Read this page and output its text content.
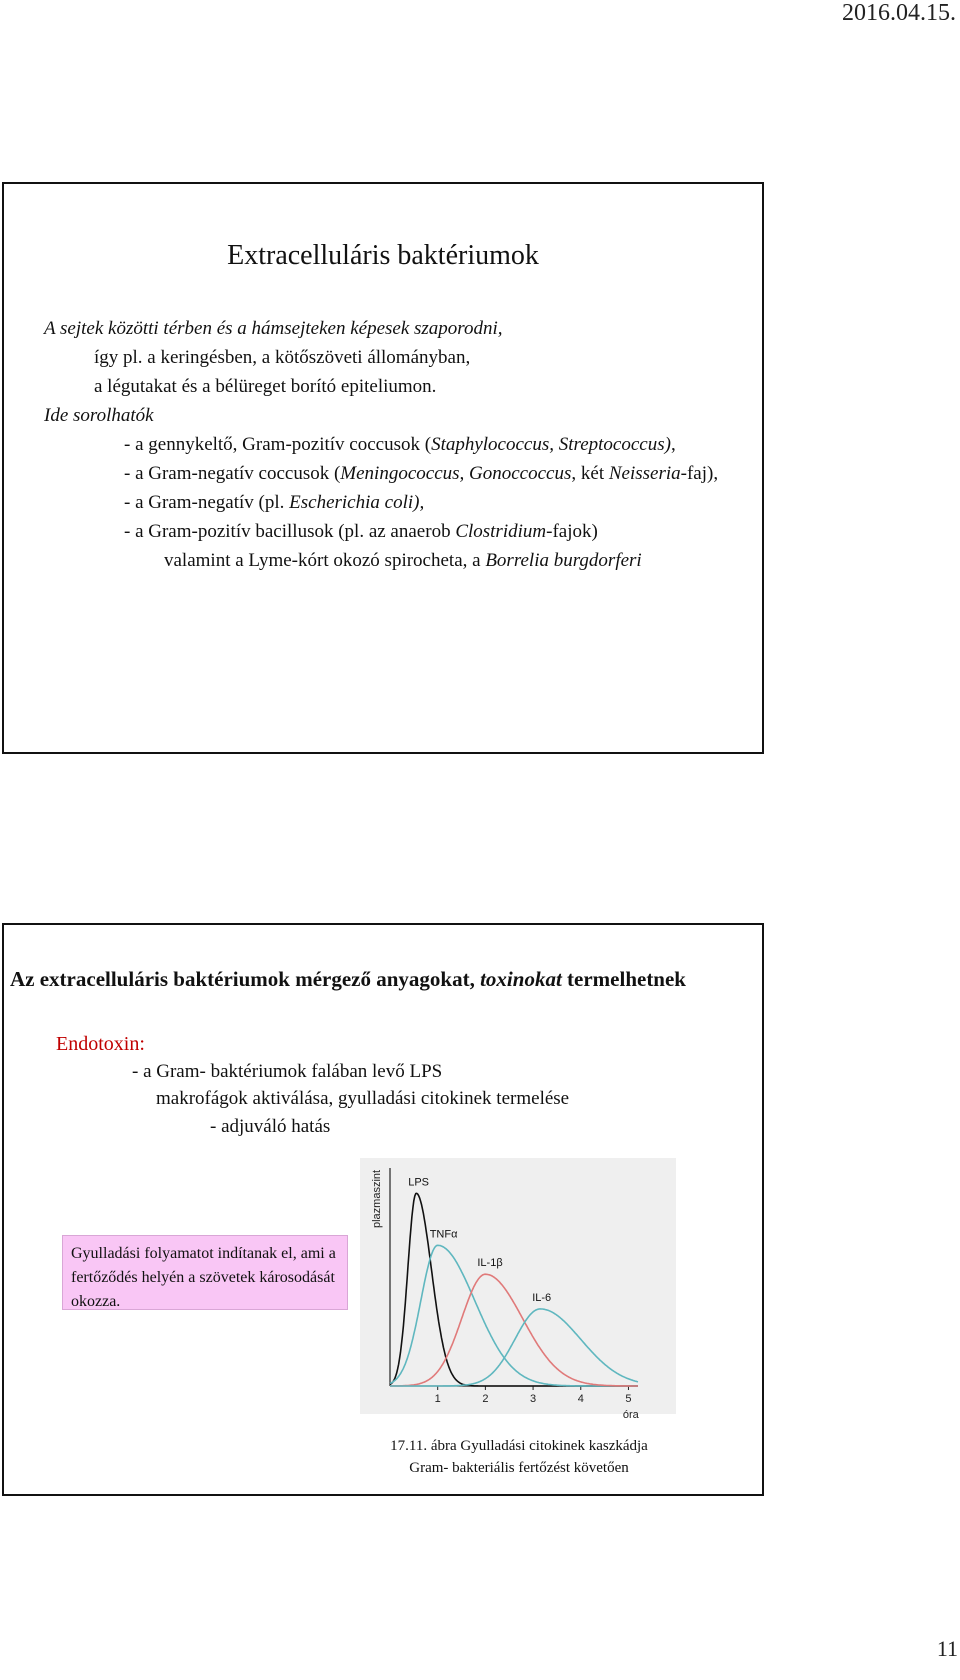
2016.04.15.
Extracelluláris baktériumok
A sejtek közötti térben és a hámsejteken képesek szaporodni,
így pl. a keringésben, a kötőszöveti állományban,
a légutakat és a bélüreget borító epiteliumon.
Ide sorolhatók
- a gennykeltő, Gram-pozitív coccusok (Staphylococcus, Streptococcus),
- a Gram-negatív coccusok (Meningococcus, Gonoccoccus, két Neisseria-faj),
- a Gram-negatív (pl. Escherichia coli),
- a Gram-pozitív bacillusok (pl. az anaerob Clostridium-fajok)
valamint a Lyme-kórt okozó spirocheta, a Borrelia burgdorferi
Az extracelluláris baktériumok mérgező anyagokat, toxinokat termelhetnek
Endotoxin:
- a Gram- baktériumok falában levő LPS
makrofágok aktiválása, gyulladási citokinek termelése
- adjuváló hatás
Gyulladási folyamatot indítanak el, ami a fertőződés helyén a szövetek károsodását okozza.
plazmaszint
1	2	3	4	5
óra
LPS
TNFα
IL-1β
IL-6
17.11. ábra Gyulladási citokinek kaszkádja
Gram- bakteriális fertőzést követően
11
